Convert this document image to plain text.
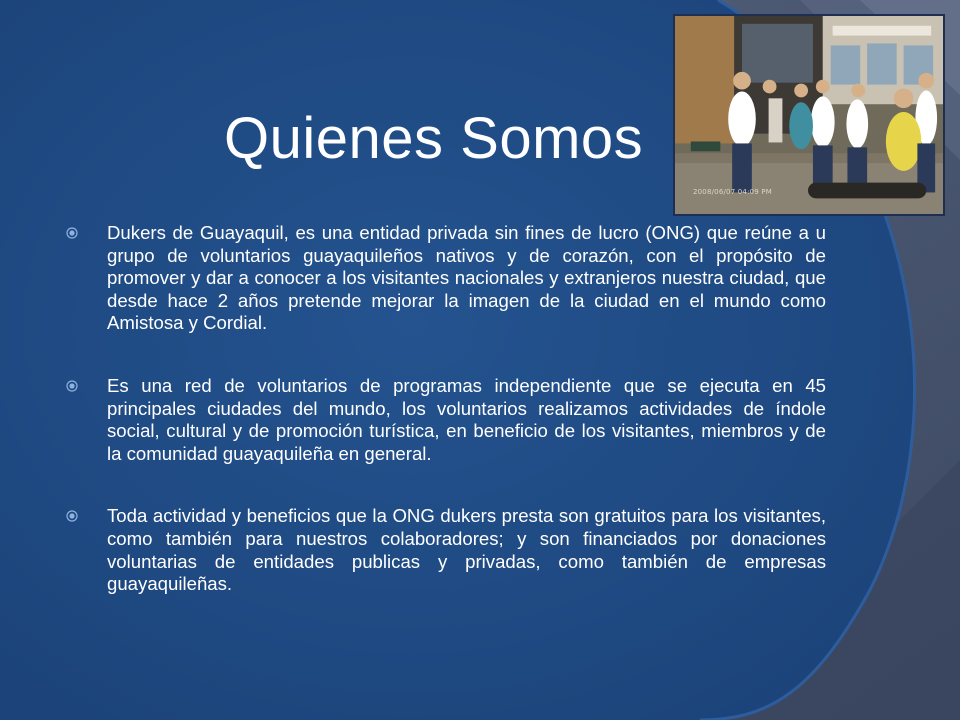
Quienes Somos
2008/06/07 04:09 PM
Dukers de Guayaquil, es una entidad privada sin fines de lucro (ONG) que reúne a u grupo de voluntarios guayaquileños nativos y de corazón, con el propósito de promover y dar a conocer a los visitantes nacionales y extranjeros nuestra ciudad, que desde hace 2 años pretende mejorar la imagen de la ciudad en el mundo como Amistosa y Cordial.
Es una red de voluntarios de programas independiente que se ejecuta en 45 principales ciudades del mundo, los voluntarios realizamos actividades de índole social, cultural y de promoción turística, en beneficio de los visitantes, miembros y de la comunidad guayaquileña en general.
Toda actividad y beneficios que la ONG dukers presta son gratuitos para los visitantes, como también para nuestros colaboradores; y son financiados por donaciones voluntarias de entidades publicas y privadas, como también de empresas guayaquileñas.
